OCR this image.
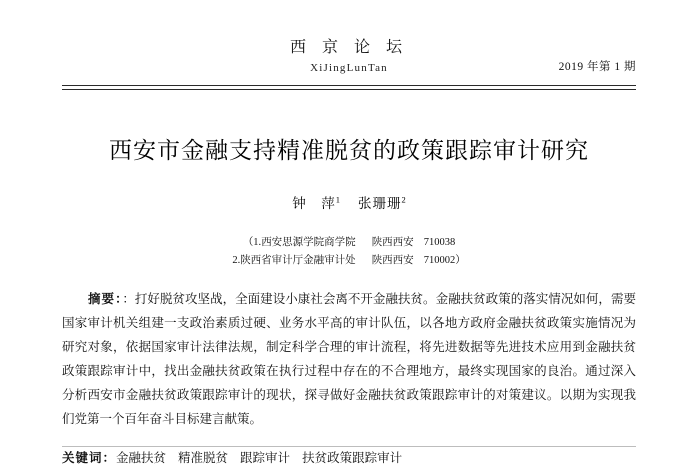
西 京 论 坛
XiJingLunTan	2019 年第 1 期
西安市金融支持精准脱贫的政策跟踪审计研究
钟　萍$^1$ 张珊珊$^2$
（1.西安思源学院商学院 陕西西安 710038
2.陕西省审计厅金融审计处 陕西西安 710002）
摘要：：打好脱贫攻坚战，全面建设小康社会离不开金融扶贫。金融扶贫政策的落实情况如何，需要国家审计机关组建一支政治素质过硬、业务水平高的审计队伍，以各地方政府金融扶贫政策实施情况为研究对象，依据国家审计法律法规，制定科学合理的审计流程，将先进数据等先进技术应用到金融扶贫政策跟踪审计中，找出金融扶贫政策在执行过程中存在的不合理地方，最终实现国家的良治。通过深入分析西安市金融扶贫政策跟踪审计的现状，探寻做好金融扶贫政策跟踪审计的对策建议。以期为实现我们党第一个百年奋斗目标建言献策。
关键词：金融扶贫 精准脱贫 跟踪审计 扶贫政策跟踪审计
